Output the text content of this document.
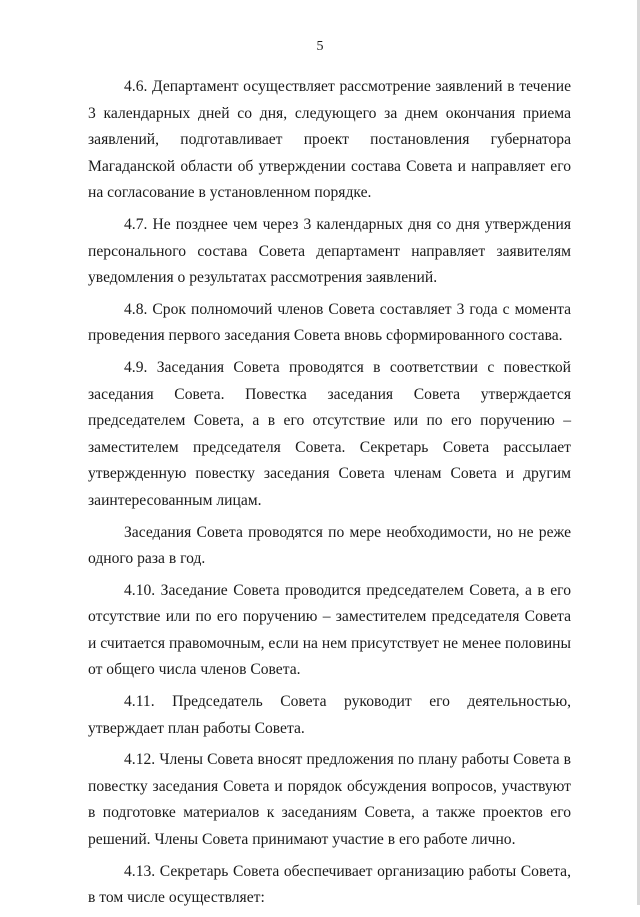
5

4.6. Департамент осуществляет рассмотрение заявлений в течение 3 календарных дней со дня, следующего за днем окончания приема заявлений, подготавливает проект постановления губернатора Магаданской области об утверждении состава Совета и направляет его на согласование в установленном порядке.

4.7. Не позднее чем через 3 календарных дня со дня утверждения персонального состава Совета департамент направляет заявителям уведомления о результатах рассмотрения заявлений.

4.8. Срок полномочий членов Совета составляет 3 года с момента проведения первого заседания Совета вновь сформированного состава.

4.9. Заседания Совета проводятся в соответствии с повесткой заседания Совета. Повестка заседания Совета утверждается председателем Совета, а в его отсутствие или по его поручению – заместителем председателя Совета. Секретарь Совета рассылает утвержденную повестку заседания Совета членам Совета и другим заинтересованным лицам.

Заседания Совета проводятся по мере необходимости, но не реже одного раза в год.

4.10. Заседание Совета проводится председателем Совета, а в его отсутствие или по его поручению – заместителем председателя Совета и считается правомочным, если на нем присутствует не менее половины от общего числа членов Совета.

4.11. Председатель Совета руководит его деятельностью, утверждает план работы Совета.

4.12. Члены Совета вносят предложения по плану работы Совета в повестку заседания Совета и порядок обсуждения вопросов, участвуют в подготовке материалов к заседаниям Совета, а также проектов его решений. Члены Совета принимают участие в его работе лично.

4.13. Секретарь Совета обеспечивает организацию работы Совета, в том числе осуществляет:
